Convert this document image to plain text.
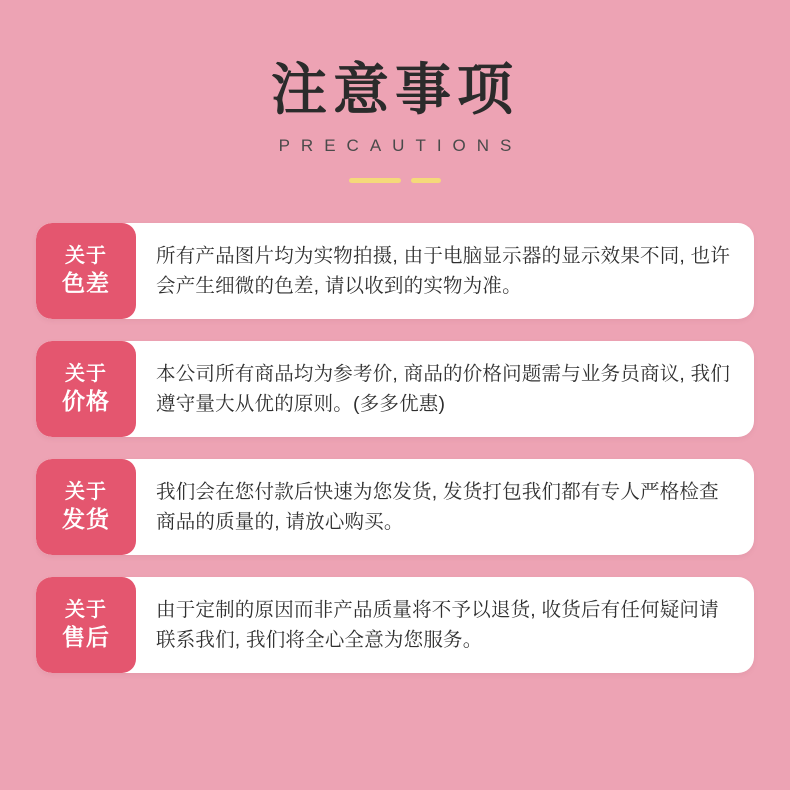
注意事项
PRECAUTIONS
关于
色差
所有产品图片均为实物拍摄, 由于电脑显示器的显示效果不同, 也许会产生细微的色差, 请以收到的实物为准。
关于
价格
本公司所有商品均为参考价, 商品的价格问题需与业务员商议, 我们遵守量大从优的原则。(多多优惠)
关于
发货
我们会在您付款后快速为您发货, 发货打包我们都有专人严格检查商品的质量的, 请放心购买。
关于
售后
由于定制的原因而非产品质量将不予以退货, 收货后有任何疑问请联系我们, 我们将全心全意为您服务。
